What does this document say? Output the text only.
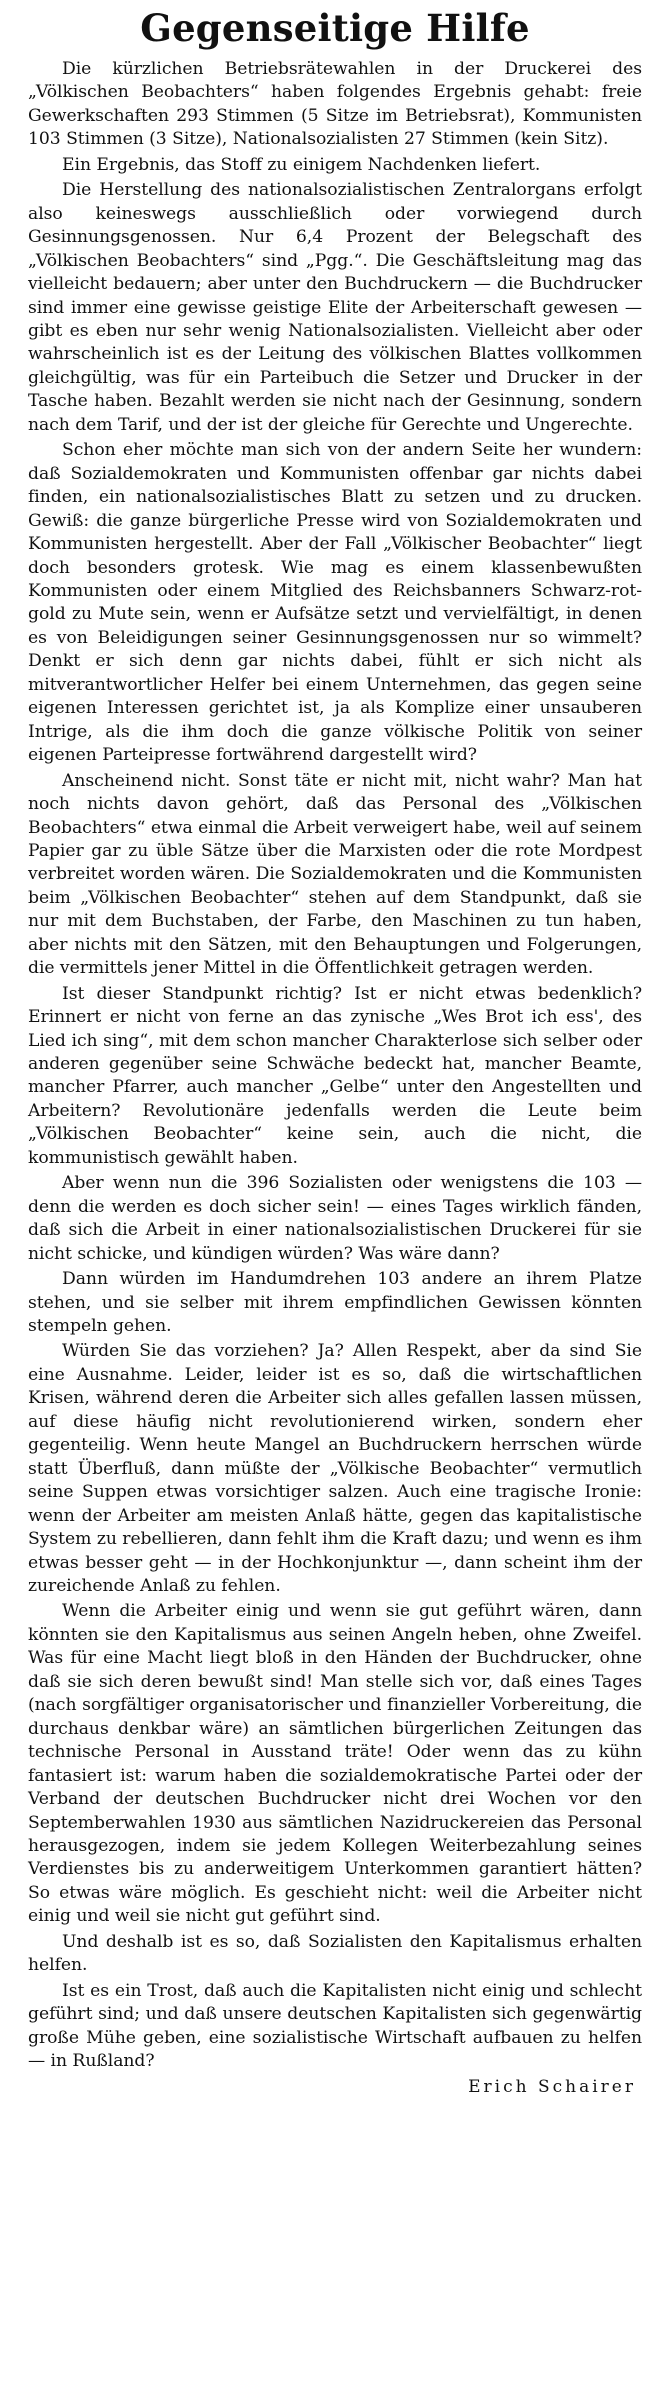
Gegenseitige Hilfe

Die kürzlichen Betriebsrätewahlen in der Druckerei des „Völkischen Beobachters“ haben folgendes Ergebnis gehabt: freie Gewerkschaften 293 Stimmen (5 Sitze im Betriebsrat), Kommunisten 103 Stimmen (3 Sitze), Nationalsozialisten 27 Stimmen (kein Sitz).

Ein Ergebnis, das Stoff zu einigem Nachdenken liefert.

Die Herstellung des nationalsozialistischen Zentralorgans erfolgt also keineswegs ausschließlich oder vorwiegend durch Gesinnungsgenossen. Nur 6,4 Prozent der Belegschaft des „Völkischen Beobachters“ sind „Pgg.“. Die Geschäftsleitung mag das vielleicht bedauern; aber unter den Buchdruckern — die Buchdrucker sind immer eine gewisse geistige Elite der Arbeiterschaft gewesen — gibt es eben nur sehr wenig Nationalsozialisten. Vielleicht aber oder wahrscheinlich ist es der Leitung des völkischen Blattes vollkommen gleichgültig, was für ein Parteibuch die Setzer und Drucker in der Tasche haben. Bezahlt werden sie nicht nach der Gesinnung, sondern nach dem Tarif, und der ist der gleiche für Gerechte und Ungerechte.

Schon eher möchte man sich von der andern Seite her wundern: daß Sozialdemokraten und Kommunisten offenbar gar nichts dabei finden, ein nationalsozialistisches Blatt zu setzen und zu drucken. Gewiß: die ganze bürgerliche Presse wird von Sozialdemokraten und Kommunisten hergestellt. Aber der Fall „Völkischer Beobachter“ liegt doch besonders grotesk. Wie mag es einem klassenbewußten Kommunisten oder einem Mitglied des Reichsbanners Schwarz-rot-gold zu Mute sein, wenn er Aufsätze setzt und vervielfältigt, in denen es von Beleidigungen seiner Gesinnungsgenossen nur so wimmelt? Denkt er sich denn gar nichts dabei, fühlt er sich nicht als mitverantwortlicher Helfer bei einem Unternehmen, das gegen seine eigenen Interessen gerichtet ist, ja als Komplize einer unsauberen Intrige, als die ihm doch die ganze völkische Politik von seiner eigenen Parteipresse fortwährend dargestellt wird?

Anscheinend nicht. Sonst täte er nicht mit, nicht wahr? Man hat noch nichts davon gehört, daß das Personal des „Völkischen Beobachters“ etwa einmal die Arbeit verweigert habe, weil auf seinem Papier gar zu üble Sätze über die Marxisten oder die rote Mordpest verbreitet worden wären. Die Sozialdemokraten und die Kommunisten beim „Völkischen Beobachter“ stehen auf dem Standpunkt, daß sie nur mit dem Buchstaben, der Farbe, den Maschinen zu tun haben, aber nichts mit den Sätzen, mit den Behauptungen und Folgerungen, die vermittels jener Mittel in die Öffentlichkeit getragen werden.

Ist dieser Standpunkt richtig? Ist er nicht etwas bedenklich? Erinnert er nicht von ferne an das zynische „Wes Brot ich ess', des Lied ich sing“, mit dem schon mancher Charakterlose sich selber oder anderen gegenüber seine Schwäche bedeckt hat, mancher Beamte, mancher Pfarrer, auch mancher „Gelbe“ unter den Angestellten und Arbeitern? Revolutionäre jedenfalls werden die Leute beim „Völkischen Beobachter“ keine sein, auch die nicht, die kommunistisch gewählt haben.

Aber wenn nun die 396 Sozialisten oder wenigstens die 103 — denn die werden es doch sicher sein! — eines Tages wirklich fänden, daß sich die Arbeit in einer nationalsozialistischen Druckerei für sie nicht schicke, und kündigen würden? Was wäre dann?

Dann würden im Handumdrehen 103 andere an ihrem Platze stehen, und sie selber mit ihrem empfindlichen Gewissen könnten stempeln gehen.

Würden Sie das vorziehen? Ja? Allen Respekt, aber da sind Sie eine Ausnahme. Leider, leider ist es so, daß die wirtschaftlichen Krisen, während deren die Arbeiter sich alles gefallen lassen müssen, auf diese häufig nicht revolutionierend wirken, sondern eher gegenteilig. Wenn heute Mangel an Buchdruckern herrschen würde statt Überfluß, dann müßte der „Völkische Beobachter“ vermutlich seine Suppen etwas vorsichtiger salzen. Auch eine tragische Ironie: wenn der Arbeiter am meisten Anlaß hätte, gegen das kapitalistische System zu rebellieren, dann fehlt ihm die Kraft dazu; und wenn es ihm etwas besser geht — in der Hochkonjunktur —, dann scheint ihm der zureichende Anlaß zu fehlen.

Wenn die Arbeiter einig und wenn sie gut geführt wären, dann könnten sie den Kapitalismus aus seinen Angeln heben, ohne Zweifel. Was für eine Macht liegt bloß in den Händen der Buchdrucker, ohne daß sie sich deren bewußt sind! Man stelle sich vor, daß eines Tages (nach sorgfältiger organisatorischer und finanzieller Vorbereitung, die durchaus denkbar wäre) an sämtlichen bürgerlichen Zeitungen das technische Personal in Ausstand träte! Oder wenn das zu kühn fantasiert ist: warum haben die sozialdemokratische Partei oder der Verband der deutschen Buchdrucker nicht drei Wochen vor den Septemberwahlen 1930 aus sämtlichen Nazidruckereien das Personal herausgezogen, indem sie jedem Kollegen Weiterbezahlung seines Verdienstes bis zu anderweitigem Unterkommen garantiert hätten? So etwas wäre möglich. Es geschieht nicht: weil die Arbeiter nicht einig und weil sie nicht gut geführt sind.

Und deshalb ist es so, daß Sozialisten den Kapitalismus erhalten helfen.

Ist es ein Trost, daß auch die Kapitalisten nicht einig und schlecht geführt sind; und daß unsere deutschen Kapitalisten sich gegenwärtig große Mühe geben, eine sozialistische Wirtschaft aufbauen zu helfen — in Rußland?

Erich Schairer
